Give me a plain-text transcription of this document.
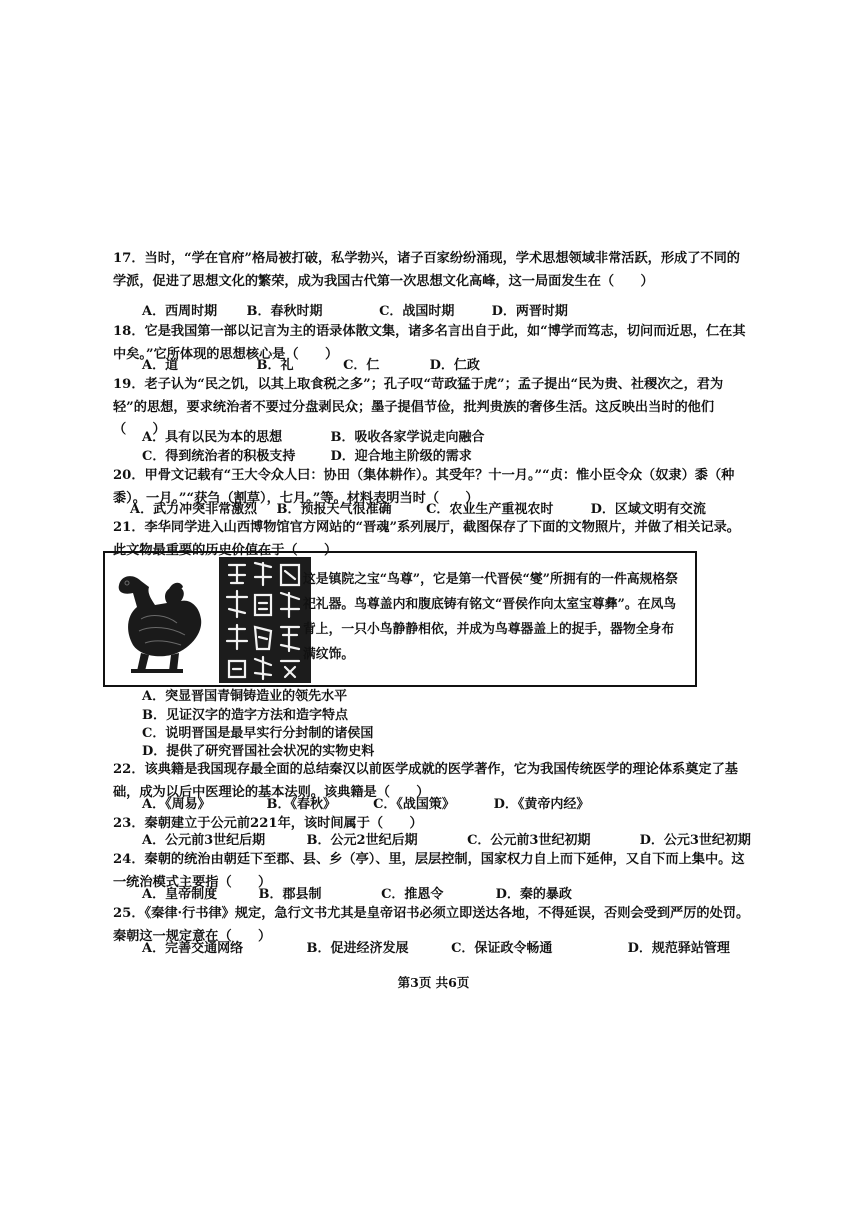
17．当时，“学在官府”格局被打破，私学勃兴，诸子百家纷纷涌现，学术思想领域非常活跃，形成了不同的学派，促进了思想文化的繁荣，成为我国古代第一次思想文化高峰，这一局面发生在（　　）
A．西周时期 B．春秋时期	C．战国时期	D．两晋时期
18．它是我国第一部以记言为主的语录体散文集，诸多名言出自于此，如“博学而笃志，切问而近思，仁在其中矣。”它所体现的思想核心是（　　）
A．道	B．礼	C．仁	D．仁政
19．老子认为“民之饥，以其上取食税之多”；孔子叹“苛政猛于虎”；孟子提出“民为贵、社稷次之，君为轻”的思想，要求统治者不要过分盘剥民众；墨子提倡节俭，批判贵族的奢侈生活。这反映出当时的他们（　　）
A．具有以民为本的思想	B．吸收各家学说走向融合
C．得到统治者的积极支持	D．迎合地主阶级的需求
20．甲骨文记载有“王大令众人曰：协田（集体耕作）。其受年？十一月。”“贞：惟小臣令众（奴隶）黍（种黍）。一月。”“获刍（割草），七月。”等。材料表明当时（　　）
A．武力冲突非常激烈 B．预报天气很准确	C．农业生产重视农时	D．区域文明有交流
21．李华同学进入山西博物馆官方网站的“晋魂”系列展厅，截图保存了下面的文物照片，并做了相关记录。此文物最重要的历史价值在于（　　）
这是镇院之宝“鸟尊”，它是第一代晋侯“燮”所拥有的一件高规格祭祀礼器。鸟尊盖内和腹底铸有铭文“晋侯作向太室宝尊彝”。在凤鸟背上，一只小鸟静静相依，并成为鸟尊器盖上的捉手，器物全身布满纹饰。
A．突显晋国青铜铸造业的领先水平
B．见证汉字的造字方法和造字特点
C．说明晋国是最早实行分封制的诸侯国
D．提供了研究晋国社会状况的实物史料
22．该典籍是我国现存最全面的总结秦汉以前医学成就的医学著作，它为我国传统医学的理论体系奠定了基础，成为以后中医理论的基本法则。该典籍是（　　）
A．《周易》	B．《春秋》	C．《战国策》	D．《黄帝内经》
23．秦朝建立于公元前221年，该时间属于（　　）
A．公元前3世纪后期	B．公元2世纪后期	C．公元前3世纪初期	D．公元3世纪初期
24．秦朝的统治由朝廷下至郡、县、乡（亭）、里，层层控制，国家权力自上而下延伸，又自下而上集中。这一统治模式主要指（　　）
A．皇帝制度	B．郡县制	C．推恩令	D．秦的暴政
25．《秦律·行书律》规定，急行文书尤其是皇帝诏书必须立即送达各地，不得延误，否则会受到严厉的处罚。秦朝这一规定意在（　　）
A．完善交通网络	B．促进经济发展	C．保证政令畅通	D．规范驿站管理
第3页 共6页
